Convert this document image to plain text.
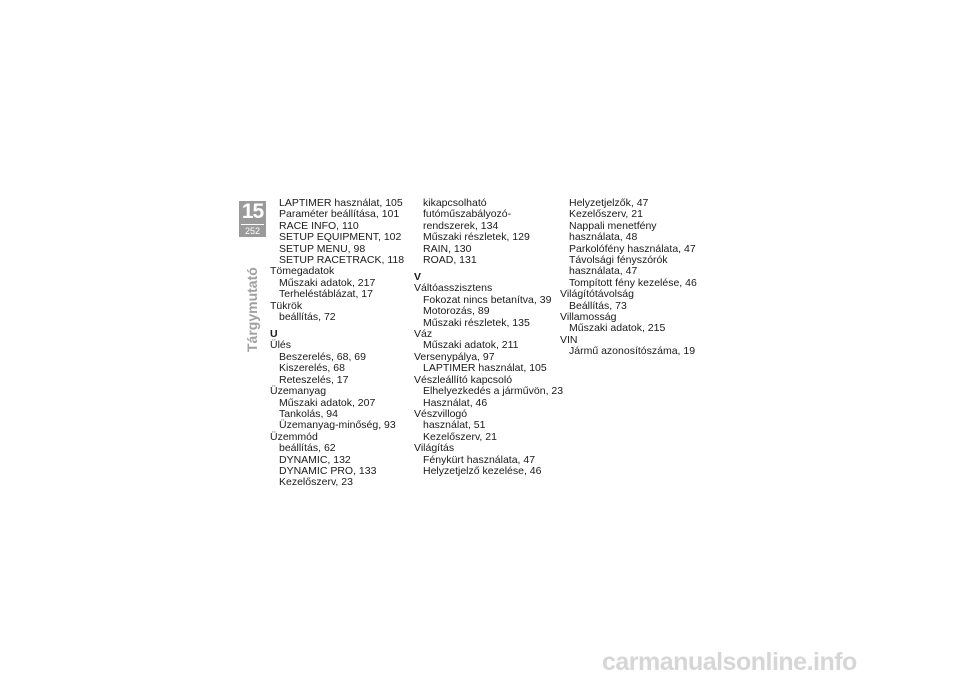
15
252
Tárgymutató
LAPTIMER használat, 105
Paraméter beállítása, 101
RACE INFO, 110
SETUP EQUIPMENT, 102
SETUP MENU, 98
SETUP RACETRACK, 118
Tömegadatok
Műszaki adatok, 217
Terheléstáblázat, 17
Tükrök
beállítás, 72
U
Ülés
Beszerelés, 68, 69
Kiszerelés, 68
Reteszelés, 17
Üzemanyag
Műszaki adatok, 207
Tankolás, 94
Üzemanyag-minőség, 93
Üzemmód
beállítás, 62
DYNAMIC, 132
DYNAMIC PRO, 133
Kezelőszerv, 23
kikapcsolható
futóműszabályozó-
rendszerek, 134
Műszaki részletek, 129
RAIN, 130
ROAD, 131
V
Váltóasszisztens
Fokozat nincs betanítva, 39
Motorozás, 89
Műszaki részletek, 135
Váz
Műszaki adatok, 211
Versenypálya, 97
LAPTIMER használat, 105
Vészleállító kapcsoló
Elhelyezkedés a járművön, 23
Használat, 46
Vészvillogó
használat, 51
Kezelőszerv, 21
Világítás
Fénykürt használata, 47
Helyzetjelző kezelése, 46
Helyzetjelzők, 47
Kezelőszerv, 21
Nappali menetfény
használata, 48
Parkolófény használata, 47
Távolsági fényszórók
használata, 47
Tompított fény kezelése, 46
Világítótávolság
Beállítás, 73
Villamosság
Műszaki adatok, 215
VIN
Jármű azonosítószáma, 19
carmanualsonline.info
